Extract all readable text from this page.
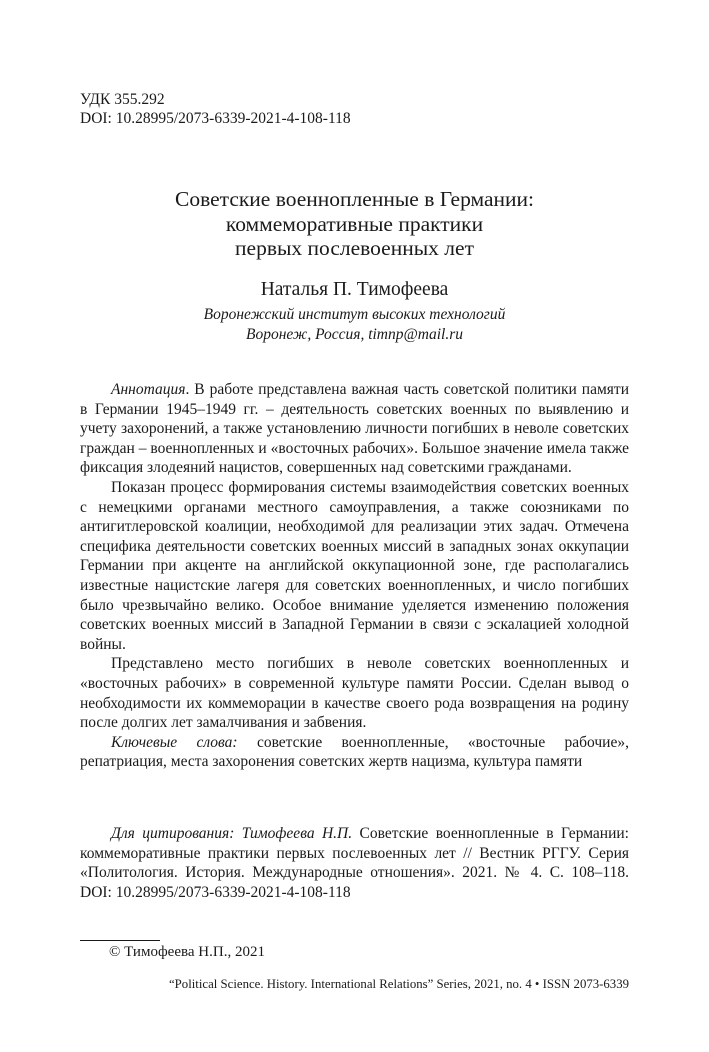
УДК 355.292
DOI: 10.28995/2073-6339-2021-4-108-118
Советские военнопленные в Германии:
коммеморативные практики
первых послевоенных лет
Наталья П. Тимофеева
Воронежский институт высоких технологий
Воронеж, Россия, timnp@mail.ru

Аннотация. В работе представлена важная часть советской политики памяти в Германии 1945–1949 гг. – деятельность советских военных по выявлению и учету захоронений, а также установлению личности погибших в неволе советских граждан – военнопленных и «восточных рабочих». Большое значение имела также фиксация злодеяний нацистов, совершенных над советскими гражданами.

Показан процесс формирования системы взаимодействия советских военных с немецкими органами местного самоуправления, а также союзниками по антигитлеровской коалиции, необходимой для реализации этих задач. Отмечена специфика деятельности советских военных миссий в западных зонах оккупации Германии при акценте на английской оккупационной зоне, где располагались известные нацистские лагеря для советских военнопленных, и число погибших было чрезвычайно велико. Особое внимание уделяется изменению положения советских военных миссий в Западной Германии в связи с эскалацией холодной войны.

Представлено место погибших в неволе советских военнопленных и «восточных рабочих» в современной культуре памяти России. Сделан вывод о необходимости их коммеморации в качестве своего рода возвращения на родину после долгих лет замалчивания и забвения.

Ключевые слова: советские военнопленные, «восточные рабочие», репатриация, места захоронения советских жертв нацизма, культура памяти

Для цитирования: Тимофеева Н.П. Советские военнопленные в Германии: коммеморативные практики первых послевоенных лет // Вестник РГГУ. Серия «Политология. История. Международные отношения». 2021. № 4. С. 108–118. DOI: 10.28995/2073-6339-2021-4-108-118

© Тимофеева Н.П., 2021
“Political Science. History. International Relations” Series, 2021, no. 4 • ISSN 2073-6339
